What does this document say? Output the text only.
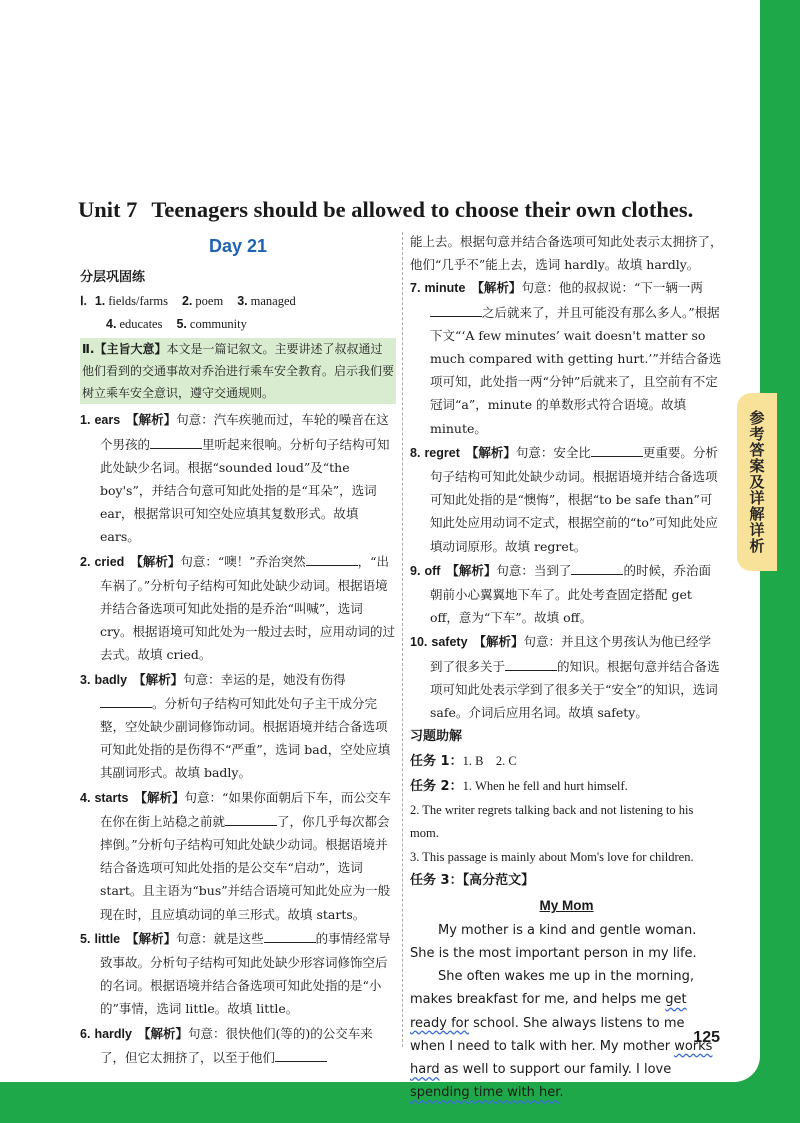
Unit 7 Teenagers should be allowed to choose their own clothes.
Day 21
分层巩固练
Ⅰ. 1. fields/farms 2. poem 3. managed
4. educates 5. community
Ⅱ.【主旨大意】本文是一篇记叙文。主要讲述了叔叔通过他们看到的交通事故对乔治进行乘车安全教育。启示我们要树立乘车安全意识，遵守交通规则。
1. ears 【解析】句意：汽车疾驰而过，车轮的噪音在这个男孩的	里听起来很响。分析句子结构可知此处缺少名词。根据“sounded loud”及“the boy's”，并结合句意可知此处指的是“耳朵”，选词 ear，根据常识可知空处应填其复数形式。故填 ears。
2. cried 【解析】句意：“噢！”乔治突然	，“出车祸了。”分析句子结构可知此处缺少动词。根据语境并结合备选项可知此处指的是乔治“叫喊”，选词 cry。根据语境可知此处为一般过去时，应用动词的过去式。故填 cried。
3. badly 【解析】句意：幸运的是，她没有伤得。分析句子结构可知此处句子主干成分完整，空处缺少副词修饰动词。根据语境并结合备选项可知此处指的是伤得不“严重”，选词 bad，空处应填其副词形式。故填 badly。
4. starts 【解析】句意：“如果你面朝后下车，而公交车在你在街上站稳之前就	了，你几乎每次都会摔倒。”分析句子结构可知此处缺少动词。根据语境并结合备选项可知此处指的是公交车“启动”，选词 start。且主语为“bus”并结合语境可知此处应为一般现在时，且应填动词的单三形式。故填 starts。
5. little 【解析】句意：就是这些	的事情经常导致事故。分析句子结构可知此处缺少形容词修饰空后的名词。根据语境并结合备选项可知此处指的是“小的”事情，选词 little。故填 little。
6. hardly 【解析】句意：很快他们(等的)的公交车来了，但它太拥挤了，以至于他们
能上去。根据句意并结合备选项可知此处表示太拥挤了，他们“几乎不”能上去，选词 hardly。故填 hardly。
7. minute 【解析】句意：他的叔叔说：“下一辆一两之后就来了，并且可能没有那么多人。”根据下文“‘A few minutes’ wait doesn't matter so much compared with getting hurt.’”并结合备选项可知，此处指一两“分钟”后就来了，且空前有不定冠词“a”，minute 的单数形式符合语境。故填 minute。
8. regret 【解析】句意：安全比	更重要。分析句子结构可知此处缺少动词。根据语境并结合备选项可知此处指的是“懊悔”，根据“to be safe than”可知此处应用动词不定式，根据空前的“to”可知此处应填动词原形。故填 regret。
9. off 【解析】句意：当到了	的时候，乔治面朝前小心翼翼地下车了。此处考查固定搭配 get off，意为“下车”。故填 off。
10. safety 【解析】句意：并且这个男孩认为他已经学到了很多关于	的知识。根据句意并结合备选项可知此处表示学到了很多关于“安全”的知识，选词 safe。介词后应用名词。故填 safety。
习题助解
任务 1：1. B　2. C
任务 2：1. When he fell and hurt himself.
2. The writer regrets talking back and not listening to his mom.
3. This passage is mainly about Mom's love for children.
任务 3：【高分范文】
My Mom

My mother is a kind and gentle woman. She is the most important person in my life.

She often wakes me up in the morning, makes breakfast for me, and helps me get ready for school. She always listens to me when I need to talk with her. My mother works hard as well to support our family. I love spending time with her.

125
参考答案及详解详析
